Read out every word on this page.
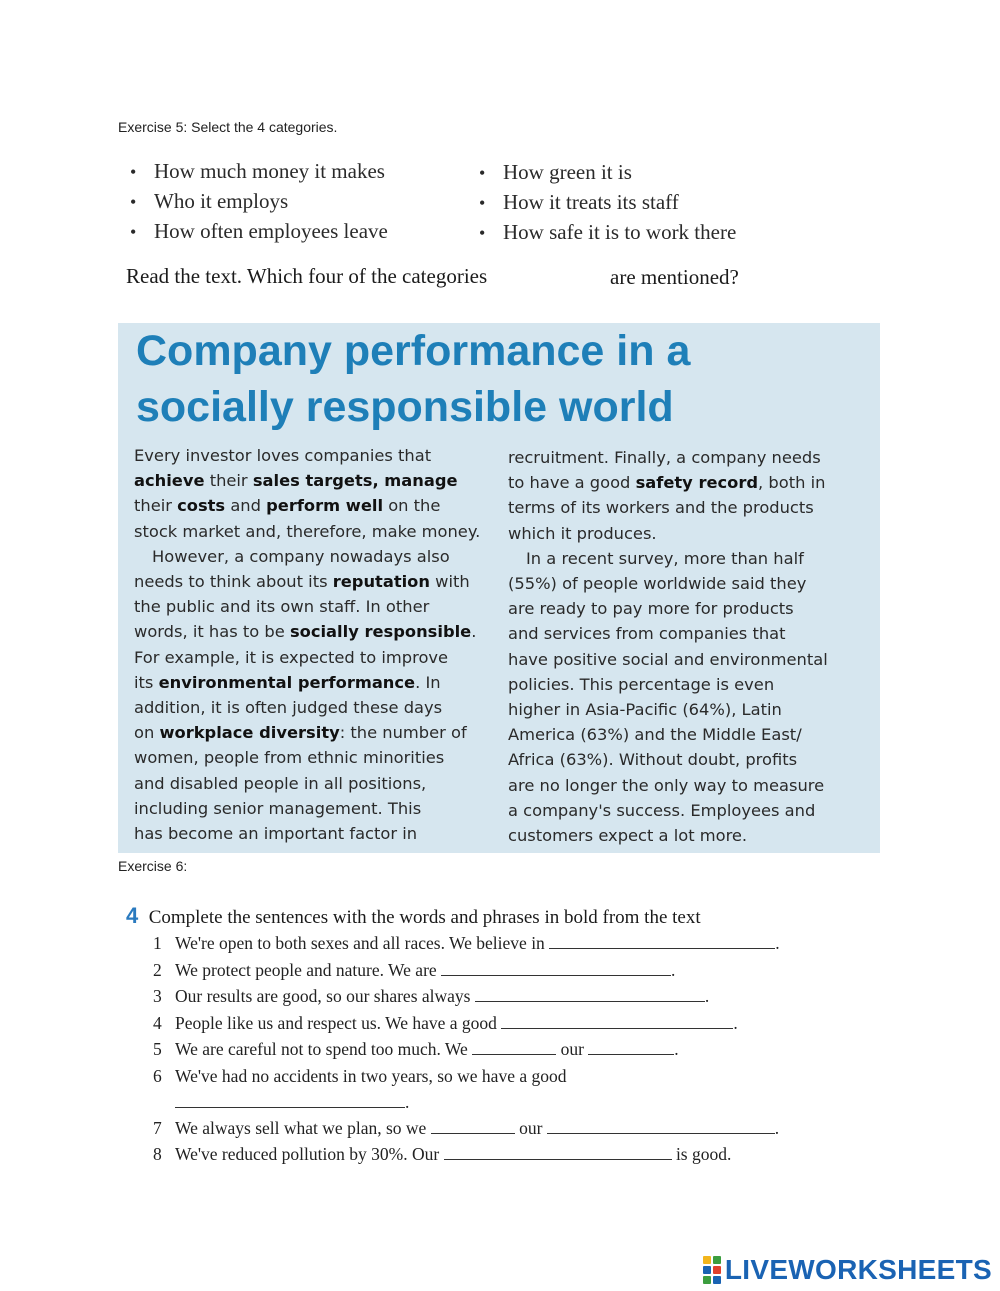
Exercise 5: Select the 4 categories.
• How much money it makes
• Who it employs
• How often employees leave
• How green it is
• How it treats its staff
• How safe it is to work there
Read the text. Which four of the categories	are mentioned?
Company performance in a
socially responsible world

Every investor loves companies that
achieve their sales targets, manage
their costs and perform well on the
stock market and, therefore, make money.

However, a company nowadays also
needs to think about its reputation with
the public and its own staff. In other
words, it has to be socially responsible.
For example, it is expected to improve
its environmental performance. In
addition, it is often judged these days
on workplace diversity: the number of
women, people from ethnic minorities
and disabled people in all positions,
including senior management. This
has become an important factor in

recruitment. Finally, a company needs
to have a good safety record, both in
terms of its workers and the products
which it produces.

In a recent survey, more than half
(55%) of people worldwide said they
are ready to pay more for products
and services from companies that
have positive social and environmental
policies. This percentage is even
higher in Asia-Pacific (64%), Latin
America (63%) and the Middle East/
Africa (63%). Without doubt, profits
are no longer the only way to measure
a company's success. Employees and
customers expect a lot more.

Exercise 6:
4 Complete the sentences with the words and phrases in bold from the text
1 We're open to both sexes and all races. We believe in	.
2 We protect people and nature. We are	.
3 Our results are good, so our shares always	.
4 People like us and respect us. We have a good	.
5 We are careful not to spend too much. We	our	.
6 We've had no accidents in two years, so we have a good
.
7 We always sell what we plan, so we	our	.
8 We've reduced pollution by 30%. Our	is good.
LIVEWORKSHEETS
